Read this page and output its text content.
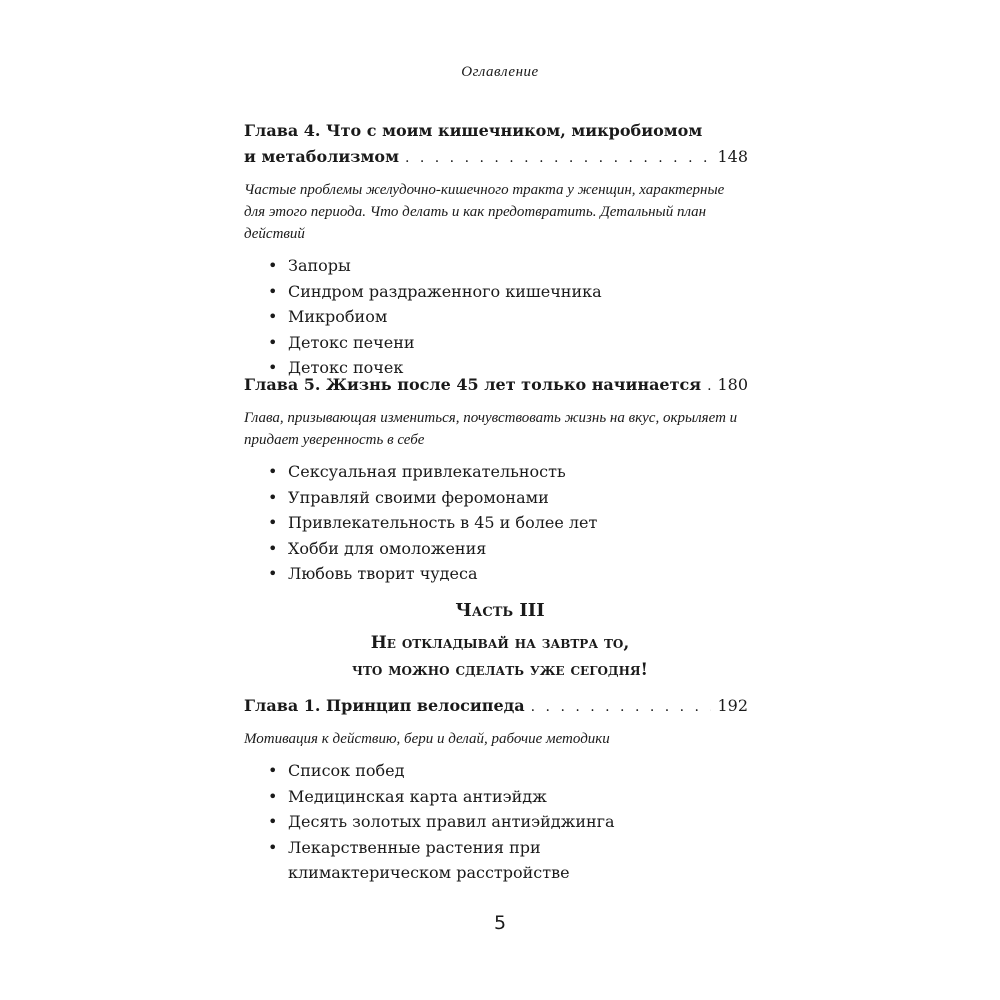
Оглавление
Глава 4. Что с моим кишечником, микробиомом
и метаболизмом . . .	148
Частые проблемы желудочно-кишечного тракта у женщин, характерные для этого периода. Что делать и как предотвратить. Детальный план действий
• Запоры
• Синдром раздраженного кишечника
• Микробиом
• Детокс печени
• Детокс почек
Глава 5. Жизнь после 45 лет только начинается . . . 180
Глава, призывающая измениться, почувствовать жизнь на вкус, окрыляет и придает уверенность в себе
• Сексуальная привлекательность
• Управляй своими феромонами
• Привлекательность в 45 и более лет
• Хобби для омоложения
• Любовь творит чудеса
Часть III
Не откладывай на завтра то,
что можно сделать уже сегодня!
Глава 1. Принцип велосипеда . . .	192
Мотивация к действию, бери и делай, рабочие методики
• Список побед
• Медицинская карта антиэйдж
• Десять золотых правил антиэйджинга
• Лекарственные растения при климактерическом расстройстве
5
